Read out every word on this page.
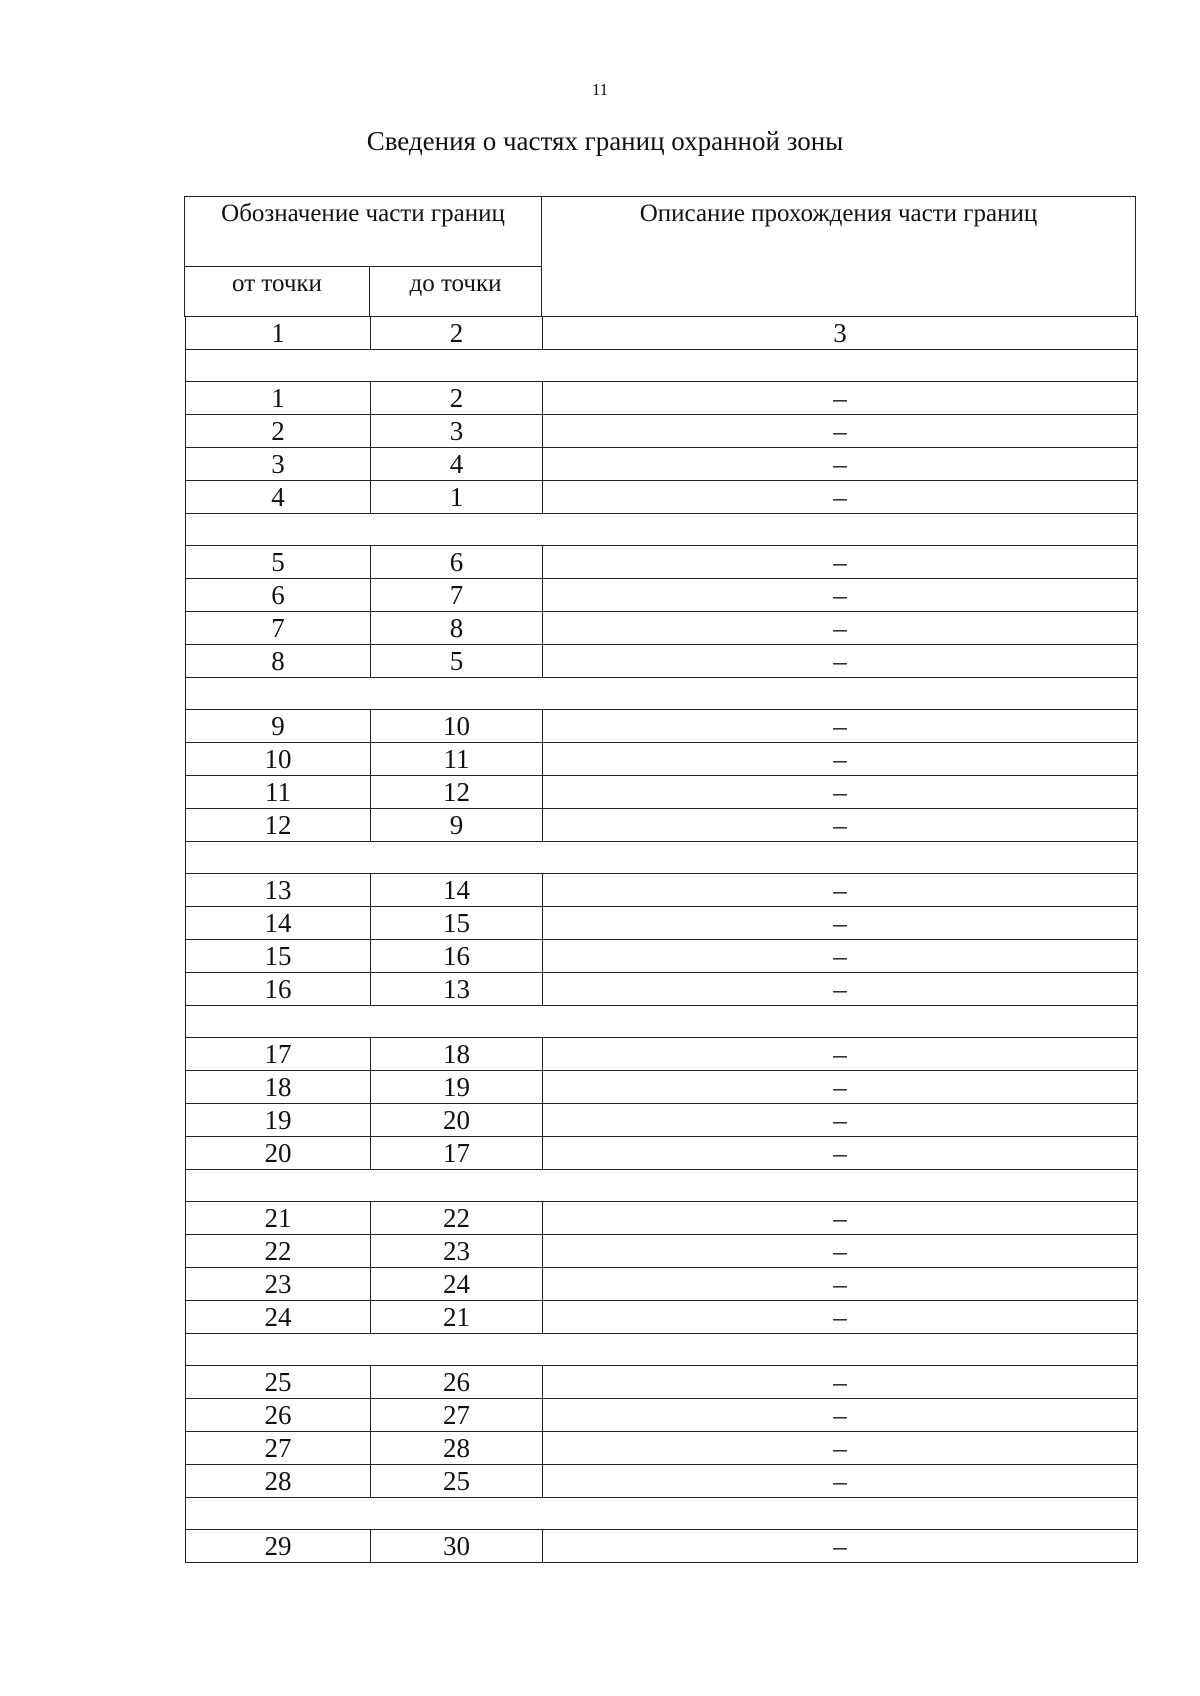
11
Сведения о частях границ охранной зоны
Обозначение части границ		Описание прохождения части границ
от точки	до точки	
1	2	3

1	2	–
2	3	–
3	4	–
4	1	–

5	6	–
6	7	–
7	8	–
8	5	–

9	10	–
10	11	–
11	12	–
12	9	–

13	14	–
14	15	–
15	16	–
16	13	–

17	18	–
18	19	–
19	20	–
20	17	–

21	22	–
22	23	–
23	24	–
24	21	–

25	26	–
26	27	–
27	28	–
28	25	–

29	30	–
